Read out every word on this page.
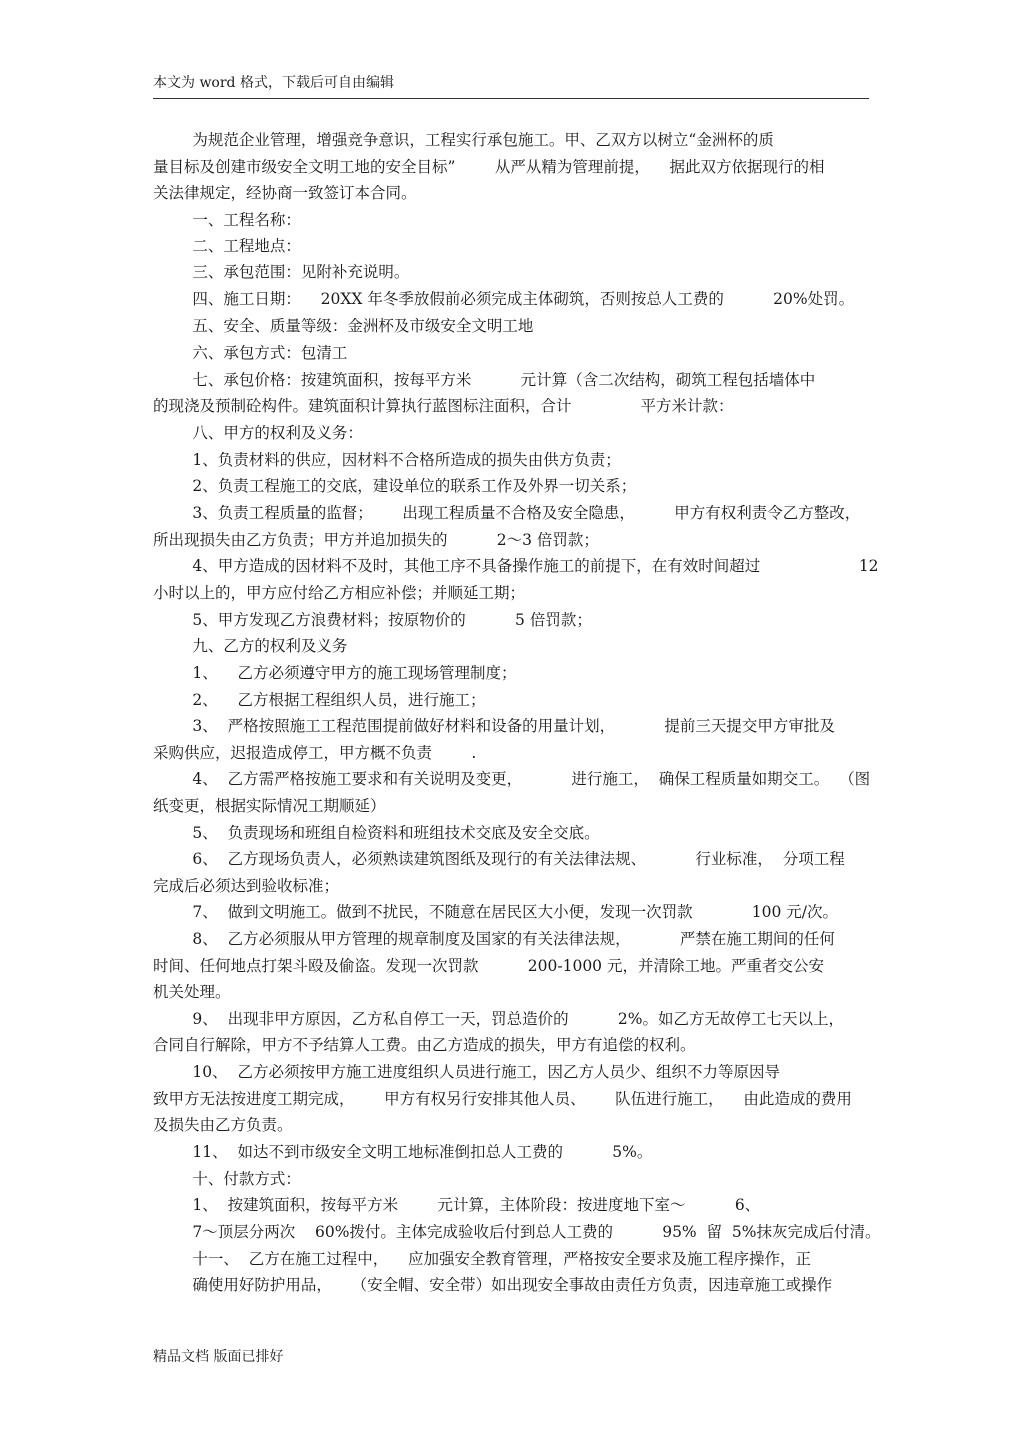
本文为 word 格式，下载后可自由编辑
为规范企业管理，增强竞争意识，工程实行承包施工。甲、乙双方以树立“金洲杯的质
量目标及创建市级安全文明工地的安全目标”        从严从精为管理前提，    据此双方依据现行的相
关法律规定，经协商一致签订本合同。
一、工程名称：
二、工程地点：
三、承包范围：见附补充说明。
四、施工日期：    20XX 年冬季放假前必须完成主体砌筑，否则按总人工费的          20%处罚。
五、安全、质量等级：金洲杯及市级安全文明工地
六、承包方式：包清工
七、承包价格：按建筑面积，按每平方米          元计算（含二次结构，砌筑工程包括墙体中
的现浇及预制砼构件。建筑面积计算执行蓝图标注面积，合计              平方米计款：
八、甲方的权利及义务：
1、负责材料的供应，因材料不合格所造成的损失由供方负责；
2、负责工程施工的交底，建设单位的联系工作及外界一切关系；
3、负责工程质量的监督；      出现工程质量不合格及安全隐患，        甲方有权利责令乙方整改，
所出现损失由乙方负责；甲方并追加损失的          2～3 倍罚款；
4、甲方造成的因材料不及时，其他工序不具备操作施工的前提下，在有效时间超过                    12
小时以上的，甲方应付给乙方相应补偿；并顺延工期；
5、甲方发现乙方浪费材料；按原物价的          5 倍罚款；
九、乙方的权利及义务
1、    乙方必须遵守甲方的施工现场管理制度；
2、    乙方根据工程组织人员，进行施工；
3、  严格按照施工工程范围提前做好材料和设备的用量计划，          提前三天提交甲方审批及
采购供应，迟报造成停工，甲方概不负责        .
4、  乙方需严格按施工要求和有关说明及变更，          进行施工，  确保工程质量如期交工。  （图
纸变更，根据实际情况工期顺延）
5、  负责现场和班组自检资料和班组技术交底及安全交底。
6、  乙方现场负责人，必须熟读建筑图纸及现行的有关法律法规、          行业标准，  分项工程
完成后必须达到验收标准；
7、  做到文明施工。做到不扰民，不随意在居民区大小便，发现一次罚款            100 元/次。
8、  乙方必须服从甲方管理的规章制度及国家的有关法律法规，          严禁在施工期间的任何
时间、任何地点打架斗殴及偷盗。发现一次罚款          200-1000 元，并清除工地。严重者交公安
机关处理。
9、  出现非甲方原因，乙方私自停工一天，罚总造价的          2%。如乙方无故停工七天以上，
合同自行解除，甲方不予结算人工费。由乙方造成的损失，甲方有追偿的权利。
10、  乙方必须按甲方施工进度组织人员进行施工，因乙方人员少、组织不力等原因导
致甲方无法按进度工期完成，      甲方有权另行安排其他人员、      队伍进行施工，    由此造成的费用
及损失由乙方负责。
11、  如达不到市级安全文明工地标准倒扣总人工费的          5%。
十、付款方式：
1、  按建筑面积，按每平方米        元计算，主体阶段：按进度地下室～          6、
7～顶层分两次    60%拨付。主体完成验收后付到总人工费的          95%  留  5%抹灰完成后付清。
十一、  乙方在施工过程中，    应加强安全教育管理，严格按安全要求及施工程序操作，正
确使用好防护用品，    （安全帽、安全带）如出现安全事故由责任方负责，因违章施工或操作
精品文档 版面已排好
